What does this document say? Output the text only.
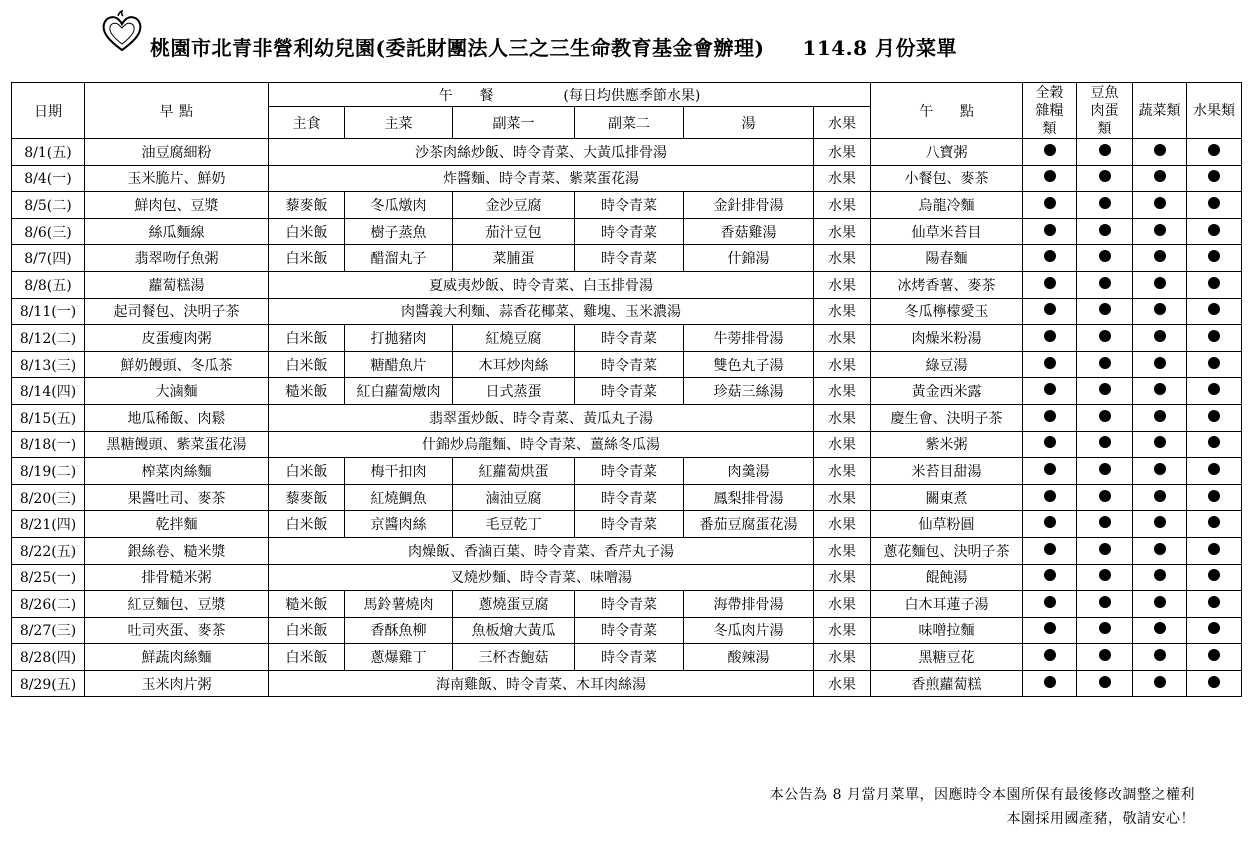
桃園市北青非營利幼兒園(委託財團法人三之三生命教育基金會辦理) 114.8 月份菜單
日期	早 點	午      餐 (每日均供應季節水果)						午      點	全穀雜糧類	豆魚肉蛋類	蔬菜類	水果類
		主食	主菜	副菜一	副菜二	湯	水果					
8/1(五)	油豆腐細粉	沙茶肉絲炒飯、時令青菜、大黃瓜排骨湯					水果	八寶粥				
8/4(一)	玉米脆片、鮮奶	炸醬麵、時令青菜、紫菜蛋花湯					水果	小餐包、麥茶				
8/5(二)	鮮肉包、豆漿	藜麥飯	冬瓜燉肉	金沙豆腐	時令青菜	金針排骨湯	水果	烏龍冷麵				
8/6(三)	絲瓜麵線	白米飯	樹子蒸魚	茄汁豆包	時令青菜	香菇雞湯	水果	仙草米苔目				
8/7(四)	翡翠吻仔魚粥	白米飯	醋溜丸子	菜脯蛋	時令青菜	什錦湯	水果	陽春麵				
8/8(五)	蘿蔔糕湯	夏威夷炒飯、時令青菜、白玉排骨湯					水果	冰烤香薯、麥茶				
8/11(一)	起司餐包、決明子茶	肉醬義大利麵、蒜香花椰菜、雞塊、玉米濃湯					水果	冬瓜檸檬愛玉				
8/12(二)	皮蛋瘦肉粥	白米飯	打拋豬肉	紅燒豆腐	時令青菜	牛蒡排骨湯	水果	肉燥米粉湯				
8/13(三)	鮮奶饅頭、冬瓜茶	白米飯	糖醋魚片	木耳炒肉絲	時令青菜	雙色丸子湯	水果	綠豆湯				
8/14(四)	大滷麵	糙米飯	紅白蘿蔔燉肉	日式蒸蛋	時令青菜	珍菇三絲湯	水果	黃金西米露				
8/15(五)	地瓜稀飯、肉鬆	翡翠蛋炒飯、時令青菜、黃瓜丸子湯					水果	慶生會、決明子茶				
8/18(一)	黑糖饅頭、紫菜蛋花湯	什錦炒烏龍麵、時令青菜、薑絲冬瓜湯					水果	紫米粥				
8/19(二)	榨菜肉絲麵	白米飯	梅干扣肉	紅蘿蔔烘蛋	時令青菜	肉羹湯	水果	米苔目甜湯				
8/20(三)	果醬吐司、麥茶	藜麥飯	紅燒鯛魚	滷油豆腐	時令青菜	鳳梨排骨湯	水果	關東煮				
8/21(四)	乾拌麵	白米飯	京醬肉絲	毛豆乾丁	時令青菜	番茄豆腐蛋花湯	水果	仙草粉圓				
8/22(五)	銀絲卷、糙米漿	肉燥飯、香滷百葉、時令青菜、香芹丸子湯					水果	蔥花麵包、決明子茶				
8/25(一)	排骨糙米粥	叉燒炒麵、時令青菜、味噌湯					水果	餛飩湯				
8/26(二)	紅豆麵包、豆漿	糙米飯	馬鈴薯燒肉	蔥燒蛋豆腐	時令青菜	海帶排骨湯	水果	白木耳蓮子湯				
8/27(三)	吐司夾蛋、麥茶	白米飯	香酥魚柳	魚板燴大黃瓜	時令青菜	冬瓜肉片湯	水果	味噌拉麵				
8/28(四)	鮮蔬肉絲麵	白米飯	蔥爆雞丁	三杯杏鮑菇	時令青菜	酸辣湯	水果	黑糖豆花				
8/29(五)	玉米肉片粥	海南雞飯、時令青菜、木耳肉絲湯					水果	香煎蘿蔔糕				
本公告為 8 月當月菜單，因應時令本園所保有最後修改調整之權利
本園採用國產豬，敬請安心！
